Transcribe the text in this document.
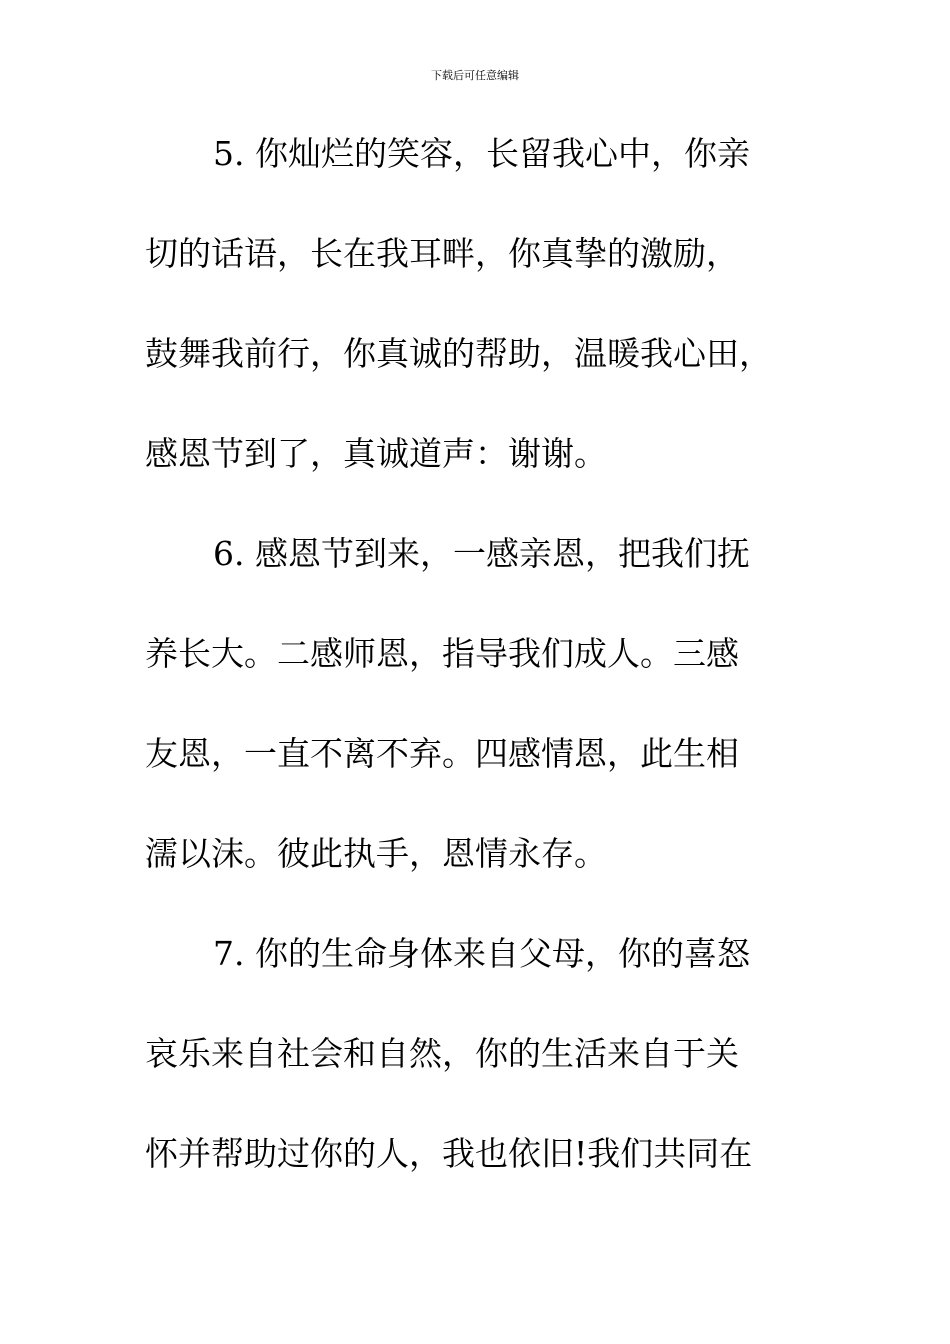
下载后可任意编辑
5. 你灿烂的笑容，长留我心中，你亲
切的话语，长在我耳畔，你真挚的激励，
鼓舞我前行，你真诚的帮助，温暖我心田，
感恩节到了，真诚道声：谢谢。
6. 感恩节到来，一感亲恩，把我们抚
养长大。二感师恩，指导我们成人。三感
友恩，一直不离不弃。四感情恩，此生相
濡以沫。彼此执手，恩情永存。
7. 你的生命身体来自父母，你的喜怒
哀乐来自社会和自然，你的生活来自于关
怀并帮助过你的人，我也依旧!我们共同在
